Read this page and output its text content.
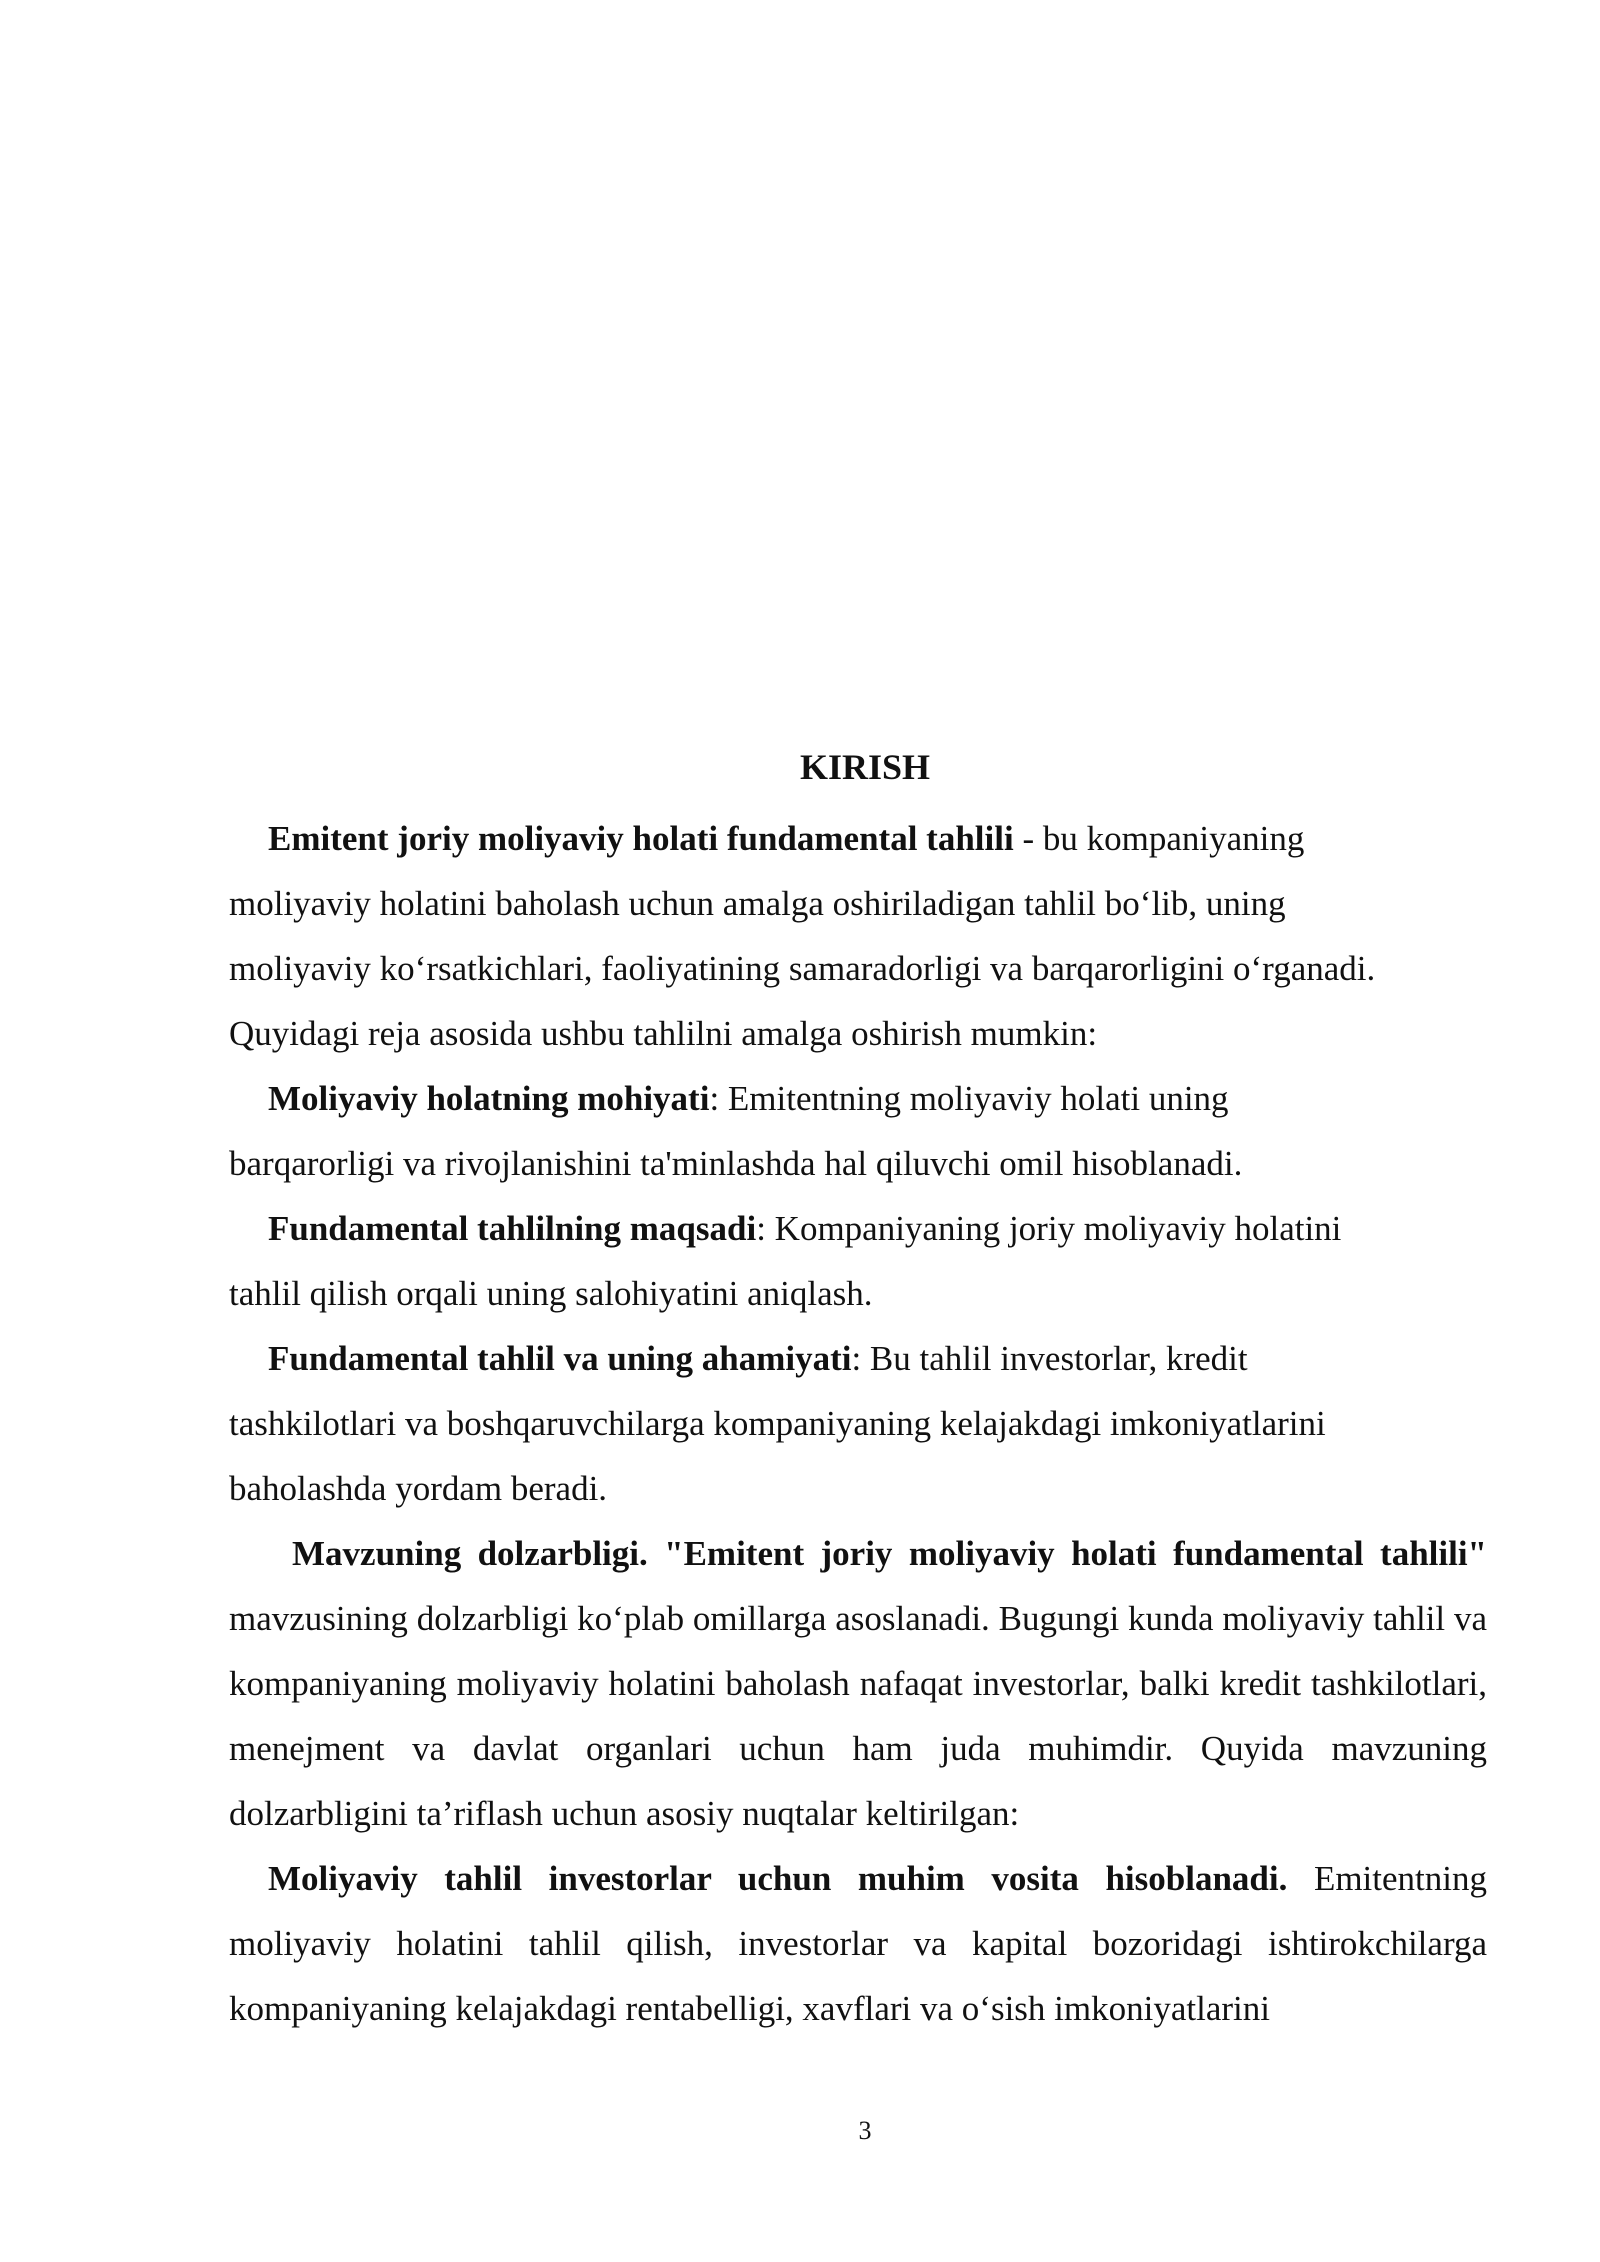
KIRISH

Emitent joriy moliyaviy holati fundamental tahlili - bu kompaniyaning
moliyaviy holatini baholash uchun amalga oshiriladigan tahlil bo‘lib, uning
moliyaviy ko‘rsatkichlari, faoliyatining samaradorligi va barqarorligini o‘rganadi.
Quyidagi reja asosida ushbu tahlilni amalga oshirish mumkin:

Moliyaviy holatning mohiyati: Emitentning moliyaviy holati uning
barqarorligi va rivojlanishini ta'minlashda hal qiluvchi omil hisoblanadi.

Fundamental tahlilning maqsadi: Kompaniyaning joriy moliyaviy holatini
tahlil qilish orqali uning salohiyatini aniqlash.

Fundamental tahlil va uning ahamiyati: Bu tahlil investorlar, kredit
tashkilotlari va boshqaruvchilarga kompaniyaning kelajakdagi imkoniyatlarini
baholashda yordam beradi.

Mavzuning dolzarbligi. "Emitent joriy moliyaviy holati fundamental tahlili" mavzusining dolzarbligi ko‘plab omillarga asoslanadi. Bugungi kunda moliyaviy tahlil va kompaniyaning moliyaviy holatini baholash nafaqat investorlar, balki kredit tashkilotlari, menejment va davlat organlari uchun ham juda muhimdir. Quyida mavzuning dolzarbligini ta’riflash uchun asosiy nuqtalar keltirilgan:

Moliyaviy tahlil investorlar uchun muhim vosita hisoblanadi. Emitentning moliyaviy holatini tahlil qilish, investorlar va kapital bozoridagi ishtirokchilarga kompaniyaning kelajakdagi rentabelligi, xavflari va o‘sish imkoniyatlarini

3
